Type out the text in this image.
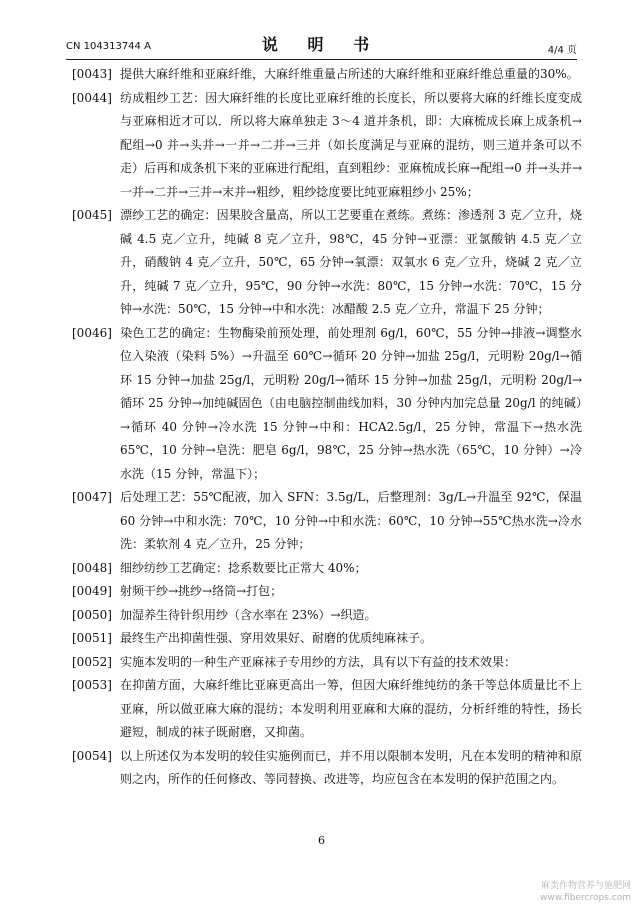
CN 104313744 A	说 明 书	4/4 页

[0043] 提供大麻纤维和亚麻纤维，大麻纤维重量占所述的大麻纤维和亚麻纤维总重量的30%。

[0044] 纺成粗纱工艺：因大麻纤维的长度比亚麻纤维的长度长，所以要将大麻的纤维长度变成与亚麻相近才可以．所以将大麻单独走 3～4 道并条机，即：大麻梳成长麻上成条机→配组→0 并→头并→一并→二并→三并（如长度满足与亚麻的混纺，则三道并条可以不走）后再和成条机下来的亚麻进行配组，直到粗纱：亚麻梳成长麻→配组→0 并→头并→一并→二并→三并→末并→粗纱，粗纱捻度要比纯亚麻粗纱小 25%；

[0045] 漂纱工艺的确定：因果胶含量高，所以工艺要重在煮练。煮练：渗透剂 3 克／立升，烧碱 4.5 克／立升，纯碱 8 克／立升，98℃，45 分钟→亚漂：亚氯酸钠 4.5 克／立升，硝酸钠 4 克／立升，50℃，65 分钟→氧漂：双氧水 6 克／立升，烧碱 2 克／立升，纯碱 7 克／立升，95℃，90 分钟→水洗：80℃，15 分钟→水洗：70℃，15 分钟→水洗：50℃，15 分钟→中和水洗：冰醋酸 2.5 克／立升，常温下 25 分钟；

[0046] 染色工艺的确定：生物酶染前预处理，前处理剂 6g/l，60℃，55 分钟→排液→调整水位入染液（染料 5%）→升温至 60℃→循环 20 分钟→加盐 25g/l，元明粉 20g/l→循环 15 分钟→加盐 25g/l，元明粉 20g/l→循环 15 分钟→加盐 25g/l，元明粉 20g/l→循环 25 分钟→加纯碱固色（由电脑控制曲线加料，30 分钟内加完总量 20g/l 的纯碱）→循环 40 分钟→冷水洗 15 分钟→中和：HCA2.5g/l，25 分钟，常温下→热水洗 65℃，10 分钟→皂洗：肥皂 6g/l，98℃，25 分钟→热水洗（65℃，10 分钟）→冷水洗（15 分钟，常温下）；

[0047] 后处理工艺：55℃配液，加入 SFN：3.5g/L，后整理剂：3g/L→升温至 92℃，保温 60 分钟→中和水洗：70℃，10 分钟→中和水洗：60℃，10 分钟→55℃热水洗→冷水洗：柔软剂 4 克／立升，25 分钟；

[0048] 细纱纺纱工艺确定：捻系数要比正常大 40%；

[0049] 射频干纱→挑纱→络筒→打包；

[0050] 加湿养生待针织用纱（含水率在 23%）→织造。

[0051] 最终生产出抑菌性强、穿用效果好、耐磨的优质纯麻袜子。

[0052] 实施本发明的一种生产亚麻袜子专用纱的方法，具有以下有益的技术效果：

[0053] 在抑菌方面，大麻纤维比亚麻更高出一筹，但因大麻纤维纯纺的条干等总体质量比不上亚麻，所以做亚麻大麻的混纺；本发明利用亚麻和大麻的混纺，分析纤维的特性，扬长避短，制成的袜子既耐磨，又抑菌。

[0054] 以上所述仅为本发明的较佳实施例而已，并不用以限制本发明，凡在本发明的精神和原则之内，所作的任何修改、等同替换、改进等，均应包含在本发明的保护范围之内。

6
麻类作物营养与施肥网
www.fibercrops.com
